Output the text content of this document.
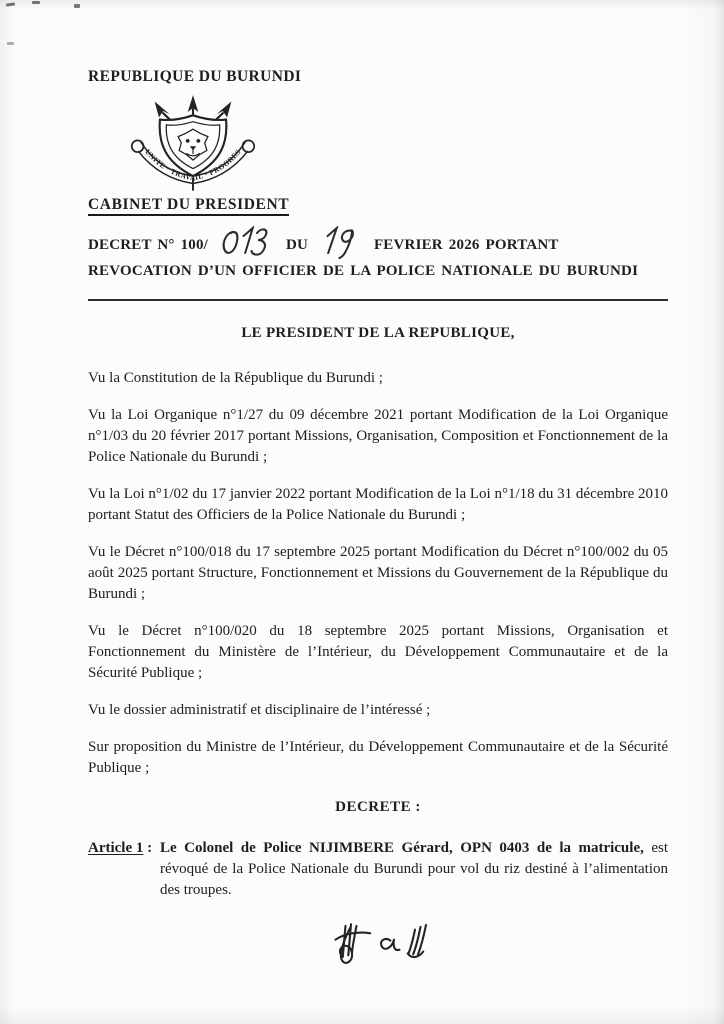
REPUBLIQUE DU BURUNDI

UNITE · TRAVAIL · PROGRES

CABINET DU PRESIDENT

DECRET N° 100/	DU	FEVRIER 2026 PORTANT REVOCATION D’UN OFFICIER DE LA POLICE NATIONALE DU BURUNDI

LE PRESIDENT DE LA REPUBLIQUE,

Vu la Constitution de la République du Burundi ;

Vu la Loi Organique n°1/27 du 09 décembre 2021 portant Modification de la Loi Organique n°1/03 du 20 février 2017 portant Missions, Organisation, Composition et Fonctionnement de la Police Nationale du Burundi ;

Vu la Loi n°1/02 du 17 janvier 2022 portant Modification de la Loi n°1/18 du 31 décembre 2010 portant Statut des Officiers de la Police Nationale du Burundi ;

Vu le Décret n°100/018 du 17 septembre 2025 portant Modification du Décret n°100/002 du 05 août 2025 portant Structure, Fonctionnement et Missions du Gouvernement de la République du Burundi ;

Vu le Décret n°100/020 du 18 septembre 2025 portant Missions, Organisation et Fonctionnement du Ministère de l’Intérieur, du Développement Communautaire et de la Sécurité Publique ;

Vu le dossier administratif et disciplinaire de l’intéressé ;

Sur proposition du Ministre de l’Intérieur, du Développement Communautaire et de la Sécurité Publique ;

DECRETE :

Article 1 : Le Colonel de Police NIJIMBERE Gérard, OPN 0403 de la matricule, est révoqué de la Police Nationale du Burundi pour vol du riz destiné à l’alimentation des troupes.
